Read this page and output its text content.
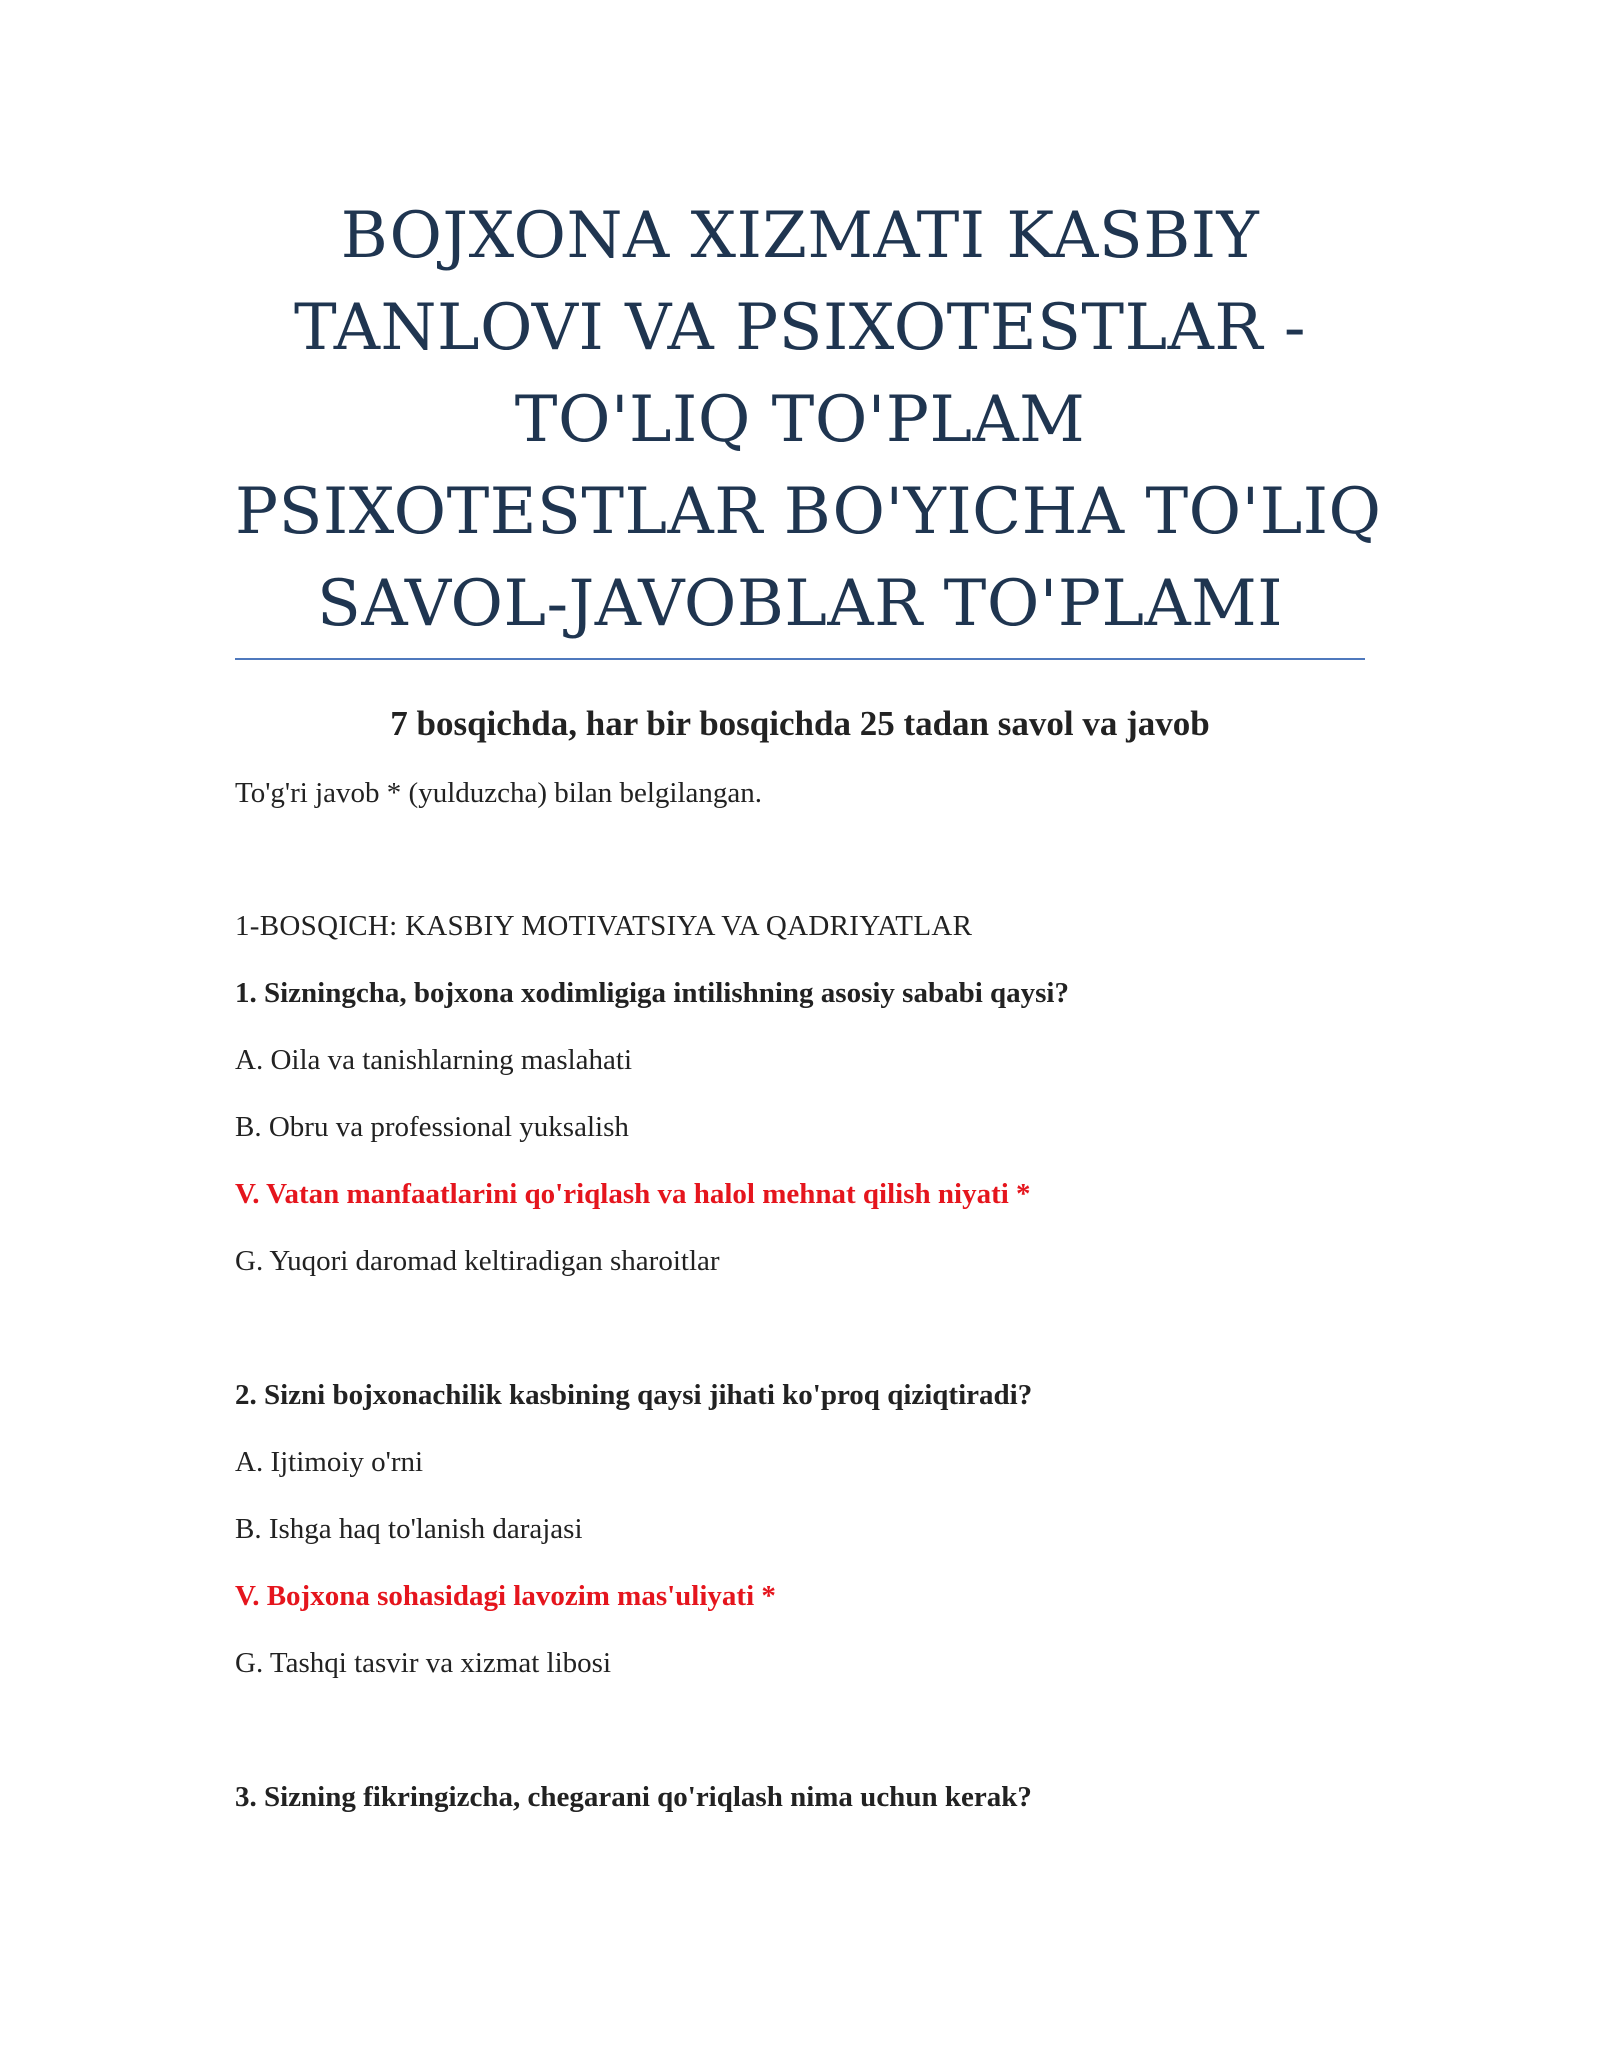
BOJXONA XIZMATI KASBIY
TANLOVI VA PSIXOTESTLAR -
TO'LIQ TO'PLAM
PSIXOTESTLAR BO'YICHA TO'LIQ
SAVOL-JAVOBLAR TO'PLAMI
7 bosqichda, har bir bosqichda 25 tadan savol va javob
To'g'ri javob * (yulduzcha) bilan belgilangan.
1-BOSQICH: KASBIY MOTIVATSIYA VA QADRIYATLAR
1. Sizningcha, bojxona xodimligiga intilishning asosiy sababi qaysi?
A. Oila va tanishlarning maslahati
B. Obru va professional yuksalish
V. Vatan manfaatlarini qo'riqlash va halol mehnat qilish niyati *
G. Yuqori daromad keltiradigan sharoitlar
2. Sizni bojxonachilik kasbining qaysi jihati ko'proq qiziqtiradi?
A. Ijtimoiy o'rni
B. Ishga haq to'lanish darajasi
V. Bojxona sohasidagi lavozim mas'uliyati *
G. Tashqi tasvir va xizmat libosi
3. Sizning fikringizcha, chegarani qo'riqlash nima uchun kerak?
